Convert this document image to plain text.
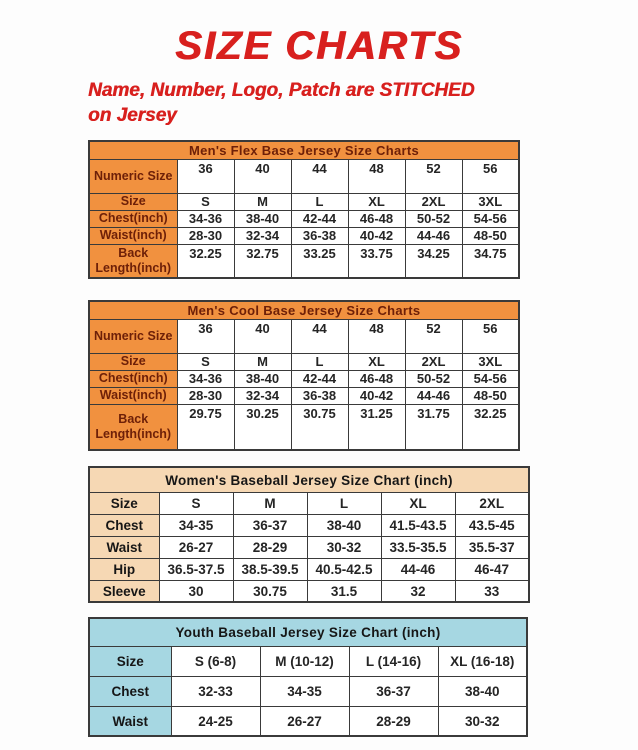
SIZE CHARTS

Name, Number, Logo, Patch are STITCHED
on Jersey

Men's Flex Base Jersey Size Charts						
Numeric Size	36	40	44	48	52	56
Size	S	M	L	XL	2XL	3XL
Chest(inch)	34-36	38-40	42-44	46-48	50-52	54-56
Waist(inch)	28-30	32-34	36-38	40-42	44-46	48-50
Back Length(inch)	32.25	32.75	33.25	33.75	34.25	34.75
Men's Cool Base Jersey Size Charts						
Numeric Size	36	40	44	48	52	56
Size	S	M	L	XL	2XL	3XL
Chest(inch)	34-36	38-40	42-44	46-48	50-52	54-56
Waist(inch)	28-30	32-34	36-38	40-42	44-46	48-50
Back Length(inch)	29.75	30.25	30.75	31.25	31.75	32.25
Women's Baseball Jersey Size Chart (inch)					
Size	S	M	L	XL	2XL
Chest	34-35	36-37	38-40	41.5-43.5	43.5-45
Waist	26-27	28-29	30-32	33.5-35.5	35.5-37
Hip	36.5-37.5	38.5-39.5	40.5-42.5	44-46	46-47
Sleeve	30	30.75	31.5	32	33
Youth Baseball Jersey Size Chart (inch)				
Size	S (6-8)	M (10-12)	L (14-16)	XL (16-18)
Chest	32-33	34-35	36-37	38-40
Waist	24-25	26-27	28-29	30-32
